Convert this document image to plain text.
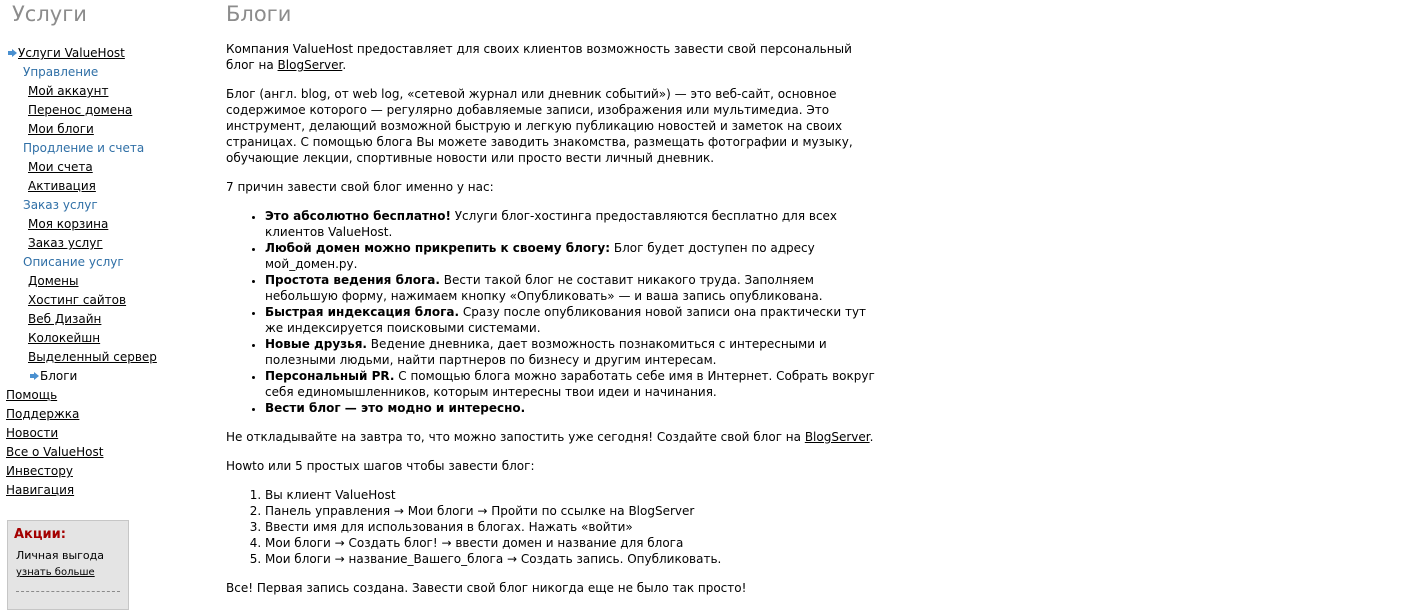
Услуги
Услуги ValueHost
Управление
Мой аккаунт
Перенос домена
Мои блоги
Продление и счета
Мои счета
Активация
Заказ услуг
Моя корзина
Заказ услуг
Описание услуг
Домены
Хостинг сайтов
Веб Дизайн
Колокейшн
Выделенный сервер
Блоги
Помощь
Поддержка
Новости
Все о ValueHost
Инвестору
Навигация
Акции:
Личная выгода
узнать больше
Блоги

Компания ValueHost предоставляет для своих клиентов возможность завести свой персональный блог на BlogServer.

Блог (англ. blog, от web log, «сетевой журнал или дневник событий») — это веб-сайт, основное содержимое которого — регулярно добавляемые записи, изображения или мультимедиа. Это инструмент, делающий возможной быструю и легкую публикацию новостей и заметок на своих страницах. С помощью блога Вы можете заводить знакомства, размещать фотографии и музыку, обучающие лекции, спортивные новости или просто вести личный дневник.

7 причин завести свой блог именно у нас:

• Это абсолютно бесплатно! Услуги блог-хостинга предоставляются бесплатно для всех клиентов ValueHost.
• Любой домен можно прикрепить к своему блогу: Блог будет доступен по адресу мой_домен.ру.
• Простота ведения блога. Вести такой блог не составит никакого труда. Заполняем небольшую форму, нажимаем кнопку «Опубликовать» — и ваша запись опубликована.
• Быстрая индексация блога. Сразу после опубликования новой записи она практически тут же индексируется поисковыми системами.
• Новые друзья. Ведение дневника, дает возможность познакомиться с интересными и полезными людьми, найти партнеров по бизнесу и другим интересам.
• Персональный PR. С помощью блога можно заработать себе имя в Интернет. Собрать вокруг себя единомышленников, которым интересны твои идеи и начинания.
• Вести блог — это модно и интересно.

Не откладывайте на завтра то, что можно запостить уже сегодня! Создайте свой блог на BlogServer.

Howto или 5 простых шагов чтобы завести блог:

1. Вы клиент ValueHost
2. Панель управления → Мои блоги → Пройти по ссылке на BlogServer
3. Ввести имя для использования в блогах. Нажать «войти»
4. Мои блоги → Создать блог! → ввести домен и название для блога
5. Мои блоги → название_Вашего_блога → Создать запись. Опубликовать.

Все! Первая запись создана. Завести свой блог никогда еще не было так просто!
